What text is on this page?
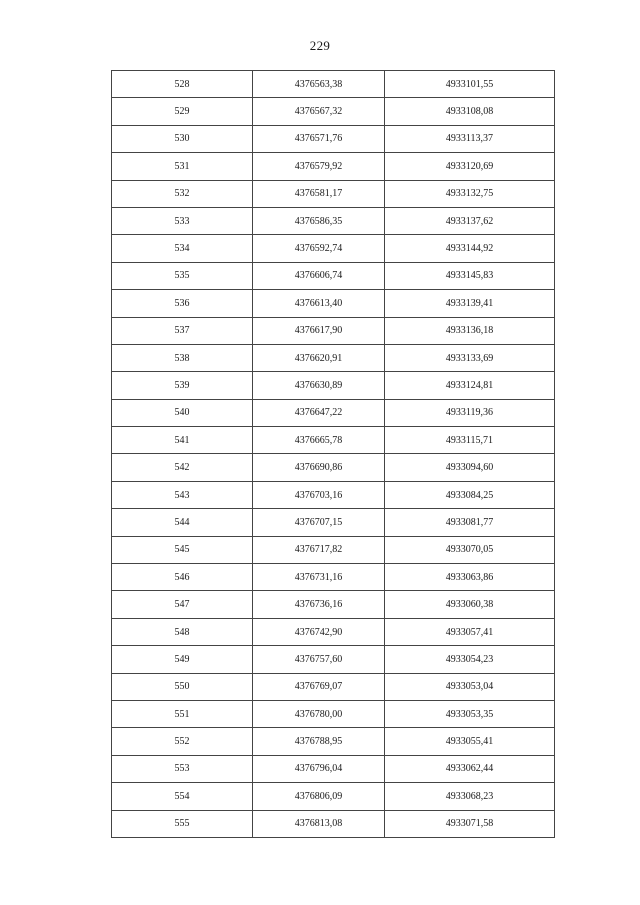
229
528	4376563,38	4933101,55
529	4376567,32	4933108,08
530	4376571,76	4933113,37
531	4376579,92	4933120,69
532	4376581,17	4933132,75
533	4376586,35	4933137,62
534	4376592,74	4933144,92
535	4376606,74	4933145,83
536	4376613,40	4933139,41
537	4376617,90	4933136,18
538	4376620,91	4933133,69
539	4376630,89	4933124,81
540	4376647,22	4933119,36
541	4376665,78	4933115,71
542	4376690,86	4933094,60
543	4376703,16	4933084,25
544	4376707,15	4933081,77
545	4376717,82	4933070,05
546	4376731,16	4933063,86
547	4376736,16	4933060,38
548	4376742,90	4933057,41
549	4376757,60	4933054,23
550	4376769,07	4933053,04
551	4376780,00	4933053,35
552	4376788,95	4933055,41
553	4376796,04	4933062,44
554	4376806,09	4933068,23
555	4376813,08	4933071,58
